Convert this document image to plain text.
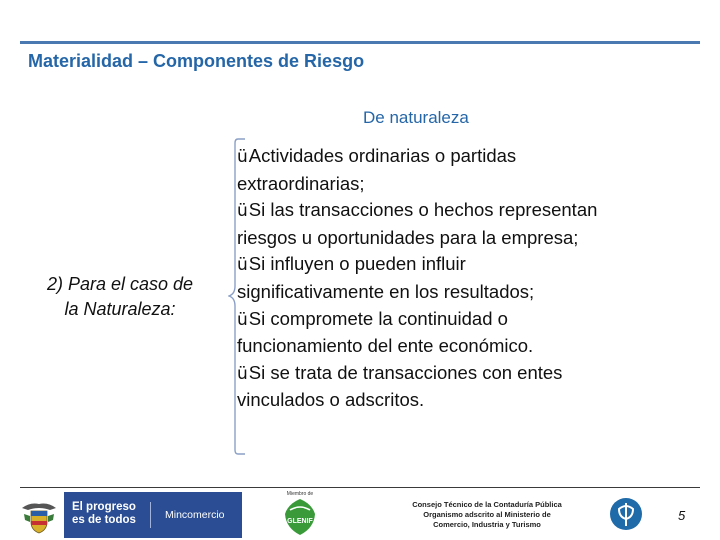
Materialidad – Componentes de Riesgo
De naturaleza
2) Para el caso de
la Naturaleza:
üActividades ordinarias o partidas
extraordinarias;
üSi las transacciones o hechos representan
riesgos u oportunidades para la empresa;
üSi influyen o pueden influir
significativamente en los resultados;
üSi compromete la continuidad o
funcionamiento del ente económico.
üSi se trata de transacciones con entes
vinculados o adscritos.
El progreso
es de todos	Mincomercio
Miembro de
GLENIF
Consejo Técnico de la Contaduría Pública
Organismo adscrito al Ministerio de Comercio, Industria y Turismo
5
